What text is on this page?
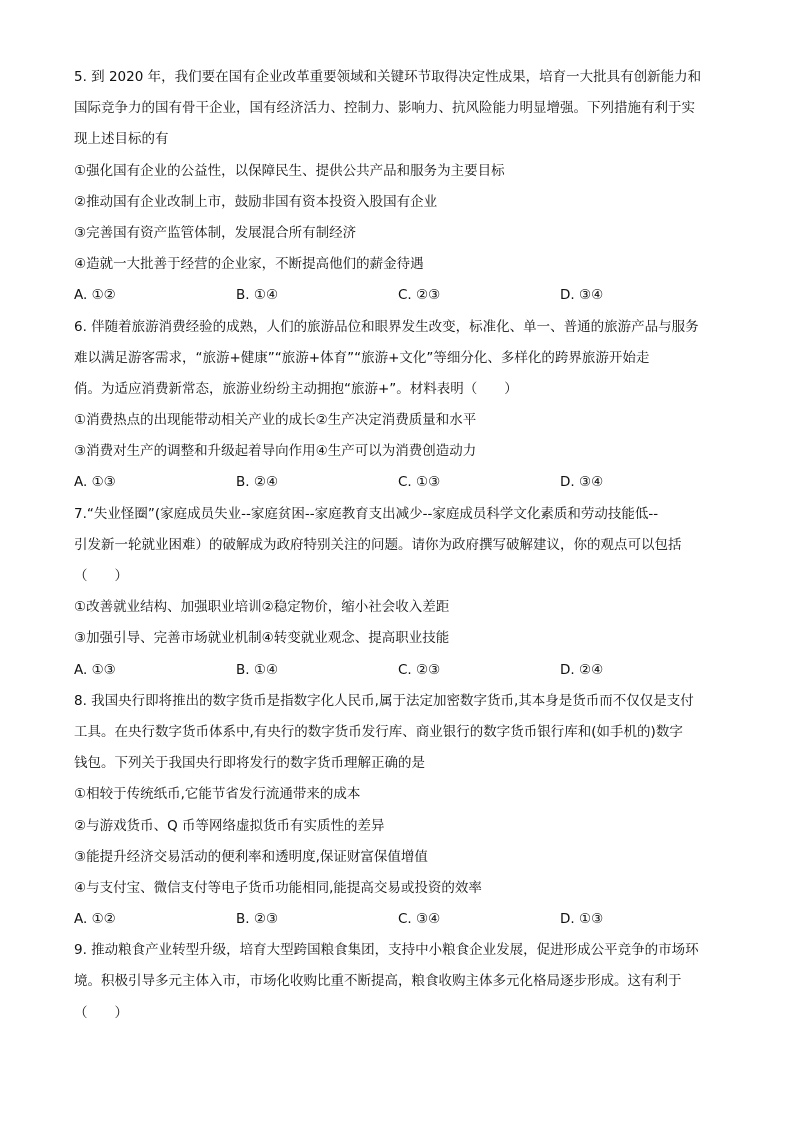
5. 到 2020 年，我们要在国有企业改革重要领域和关键环节取得决定性成果，培育一大批具有创新能力和
国际竞争力的国有骨干企业，国有经济活力、控制力、影响力、抗风险能力明显增强。下列措施有利于实
现上述目标的有
①强化国有企业的公益性，以保障民生、提供公共产品和服务为主要目标
②推动国有企业改制上市，鼓励非国有资本投资入股国有企业
③完善国有资产监管体制，发展混合所有制经济
④造就一大批善于经营的企业家，不断提高他们的薪金待遇
A. ①②	B. ①④	C. ②③	D. ③④
6. 伴随着旅游消费经验的成熟，人们的旅游品位和眼界发生改变，标准化、单一、普通的旅游产品与服务
难以满足游客需求，“旅游+健康”“旅游+体育”“旅游+文化”等细分化、多样化的跨界旅游开始走
俏。为适应消费新常态，旅游业纷纷主动拥抱“旅游+”。材料表明（　　）
①消费热点的出现能带动相关产业的成长②生产决定消费质量和水平
③消费对生产的调整和升级起着导向作用④生产可以为消费创造动力
A. ①③	B. ②④	C. ①③	D. ③④
7.“失业怪圈”(家庭成员失业--家庭贫困--家庭教育支出减少--家庭成员科学文化素质和劳动技能低--
引发新一轮就业困难）的破解成为政府特别关注的问题。请你为政府撰写破解建议，你的观点可以包括
（　　）
①改善就业结构、加强职业培训②稳定物价，缩小社会收入差距
③加强引导、完善市场就业机制④转变就业观念、提高职业技能
A. ①③	B. ①④	C. ②③	D. ②④
8. 我国央行即将推出的数字货币是指数字化人民币,属于法定加密数字货币,其本身是货币而不仅仅是支付
工具。在央行数字货币体系中,有央行的数字货币发行库、商业银行的数字货币银行库和(如手机的)数字
钱包。下列关于我国央行即将发行的数字货币理解正确的是
①相较于传统纸币,它能节省发行流通带来的成本
②与游戏货币、Q 币等网络虚拟货币有实质性的差异
③能提升经济交易活动的便利率和透明度,保证财富保值增值
④与支付宝、微信支付等电子货币功能相同,能提高交易或投资的效率
A. ①②	B. ②③	C. ③④	D. ①③
9. 推动粮食产业转型升级，培育大型跨国粮食集团，支持中小粮食企业发展，促进形成公平竞争的市场环
境。积极引导多元主体入市，市场化收购比重不断提高，粮食收购主体多元化格局逐步形成。这有利于
（　　）
